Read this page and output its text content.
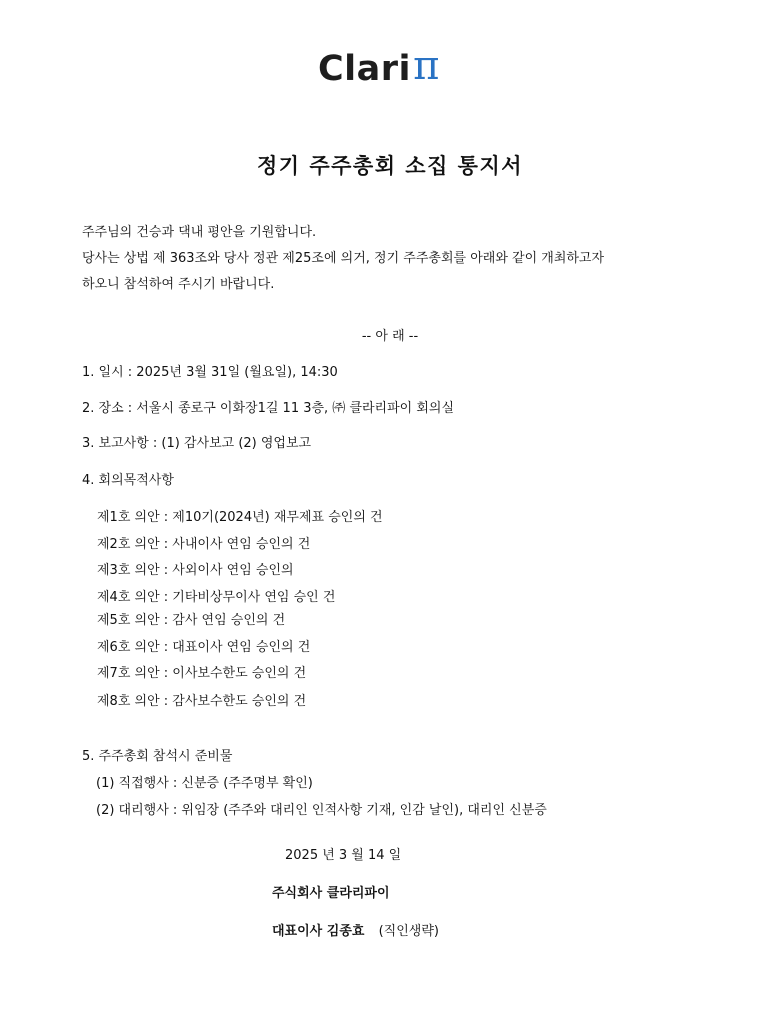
Clari π
정기 주주총회 소집 통지서
주주님의 건승과 댁내 평안을 기원합니다.
당사는 상법 제 363조와 당사 정관 제25조에 의거, 정기 주주총회를 아래와 같이 개최하고자
하오니 참석하여 주시기 바랍니다.
-- 아 래 --
1. 일시 : 2025년 3월 31일 (월요일), 14:30
2. 장소 : 서울시 종로구 이화장1길 11 3층, ㈜ 클라리파이 회의실
3. 보고사항 : (1) 감사보고 (2) 영업보고
4. 회의목적사항
제1호 의안 : 제10기(2024년) 재무제표 승인의 건
제2호 의안 : 사내이사 연임 승인의 건
제3호 의안 : 사외이사 연임 승인의
제4호 의안 : 기타비상무이사 연임 승인 건
제5호 의안 : 감사 연임 승인의 건
제6호 의안 : 대표이사 연임 승인의 건
제7호 의안 : 이사보수한도 승인의 건
제8호 의안 : 감사보수한도 승인의 건
5. 주주총회 참석시 준비물
(1) 직접행사 : 신분증 (주주명부 확인)
(2) 대리행사 : 위임장 (주주와 대리인 인적사항 기재, 인감 날인), 대리인 신분증
2025 년 3 월 14 일
주식회사 클라리파이
대표이사 김종효 (직인생략)
